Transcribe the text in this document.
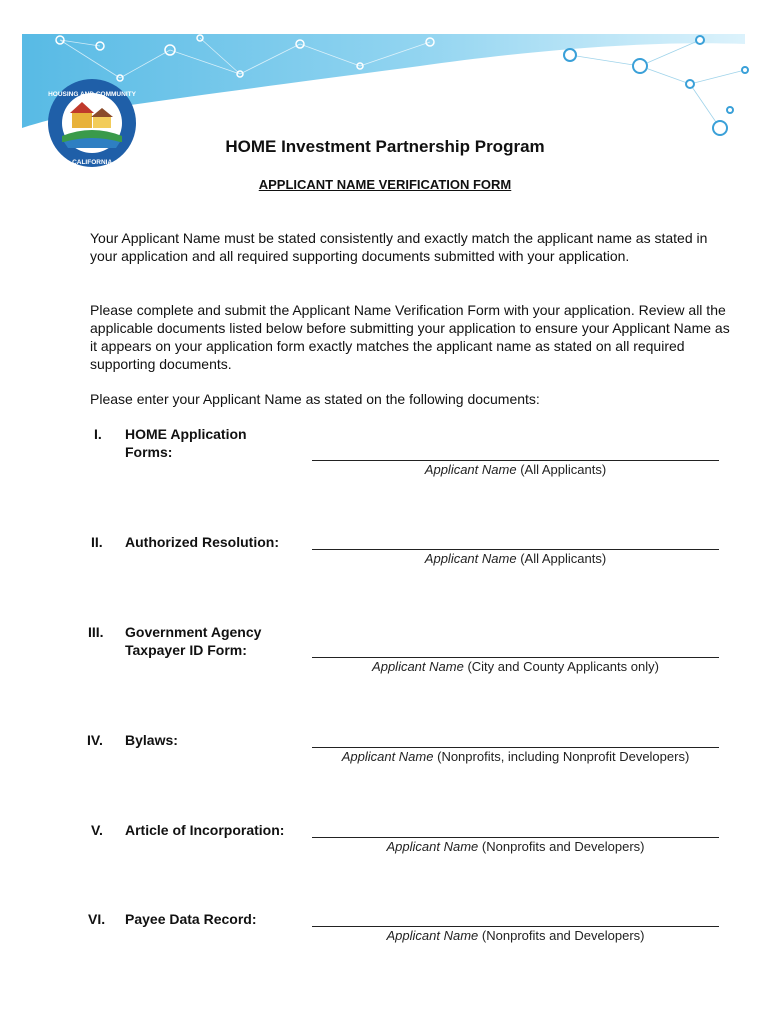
HOUSING AND COMMUNITY
• CALIFORNIA •
HOME Investment Partnership Program
APPLICANT NAME VERIFICATION FORM

Your Applicant Name must be stated consistently and exactly match the applicant name as stated in your application and all required supporting documents submitted with your application.

Please complete and submit the Applicant Name Verification Form with your application. Review all the applicable documents listed below before submitting your application to ensure your Applicant Name as it appears on your application form exactly matches the applicant name as stated on all required supporting documents.

Please enter your Applicant Name as stated on the following documents:

I. HOME Application Forms:
Applicant Name (All Applicants)
II. Authorized Resolution:
Applicant Name (All Applicants)
III. Government Agency Taxpayer ID Form:
Applicant Name (City and County Applicants only)
IV. Bylaws:
Applicant Name (Nonprofits, including Nonprofit Developers)
V. Article of Incorporation:
Applicant Name (Nonprofits and Developers)
VI. Payee Data Record:
Applicant Name (Nonprofits and Developers)
